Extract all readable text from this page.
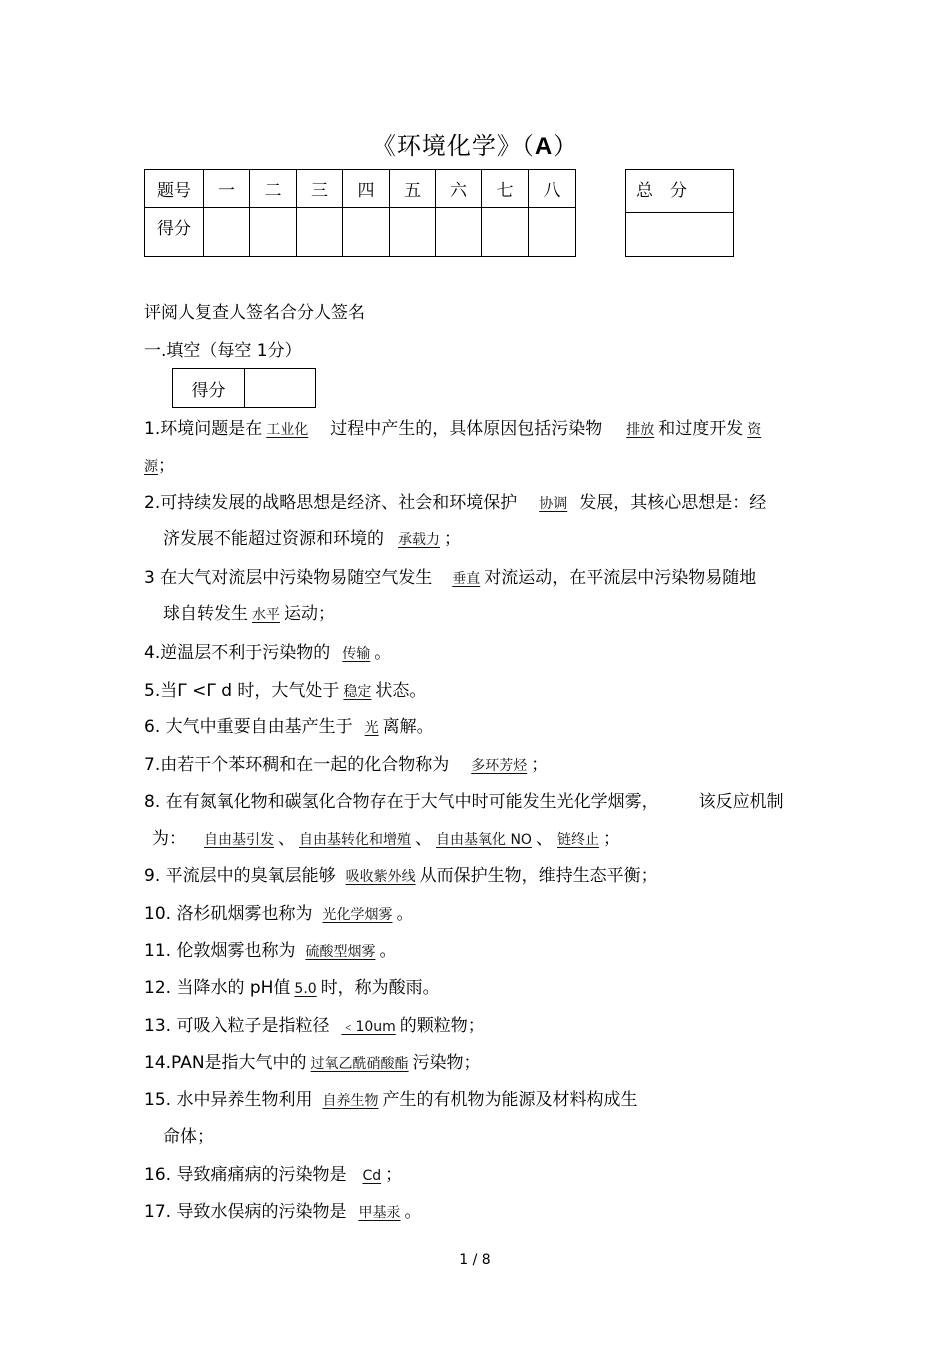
《环境化学》（A）
题号	一	二	三	四	五	六	七	八
得分								
总　分

评阅人复查人签名合分人签名
一.填空（每空 1分）
得分	
1.环境问题是在 工业化 过程中产生的，具体原因包括污染物 排放 和过度开发 资
源；
2.可持续发展的战略思想是经济、社会和环境保护 协调 发展，其核心思想是：经
济发展不能超过资源和环境的 承载力 ；
3 在大气对流层中污染物易随空气发生 垂直 对流运动，在平流层中污染物易随地
球自转发生 水平 运动；
4.逆温层不利于污染物的 传输 。
5.当Γ <Γ d 时，大气处于 稳定 状态。
6. 大气中重要自由基产生于 光 离解。
7.由若干个苯环稠和在一起的化合物称为 多环芳烃 ；
8. 在有氮氧化物和碳氢化合物存在于大气中时可能发生光化学烟雾， 该反应机制
为： 自由基引发 、 自由基转化和增殖 、 自由基氧化 NO 、 链终止 ；
9. 平流层中的臭氧层能够 吸收紫外线 从而保护生物，维持生态平衡；
10. 洛杉矶烟雾也称为 光化学烟雾 。
11. 伦敦烟雾也称为 硫酸型烟雾 。
12. 当降水的 pH值 5.0 时，称为酸雨。
13. 可吸入粒子是指粒径 ﹤10um 的颗粒物；
14.PAN是指大气中的 过氧乙酰硝酸酯 污染物；
15. 水中异养生物利用 自养生物 产生的有机物为能源及材料构成生
命体；
16. 导致痛痛病的污染物是 Cd ；
17. 导致水俣病的污染物是 甲基汞 。
1 / 8
